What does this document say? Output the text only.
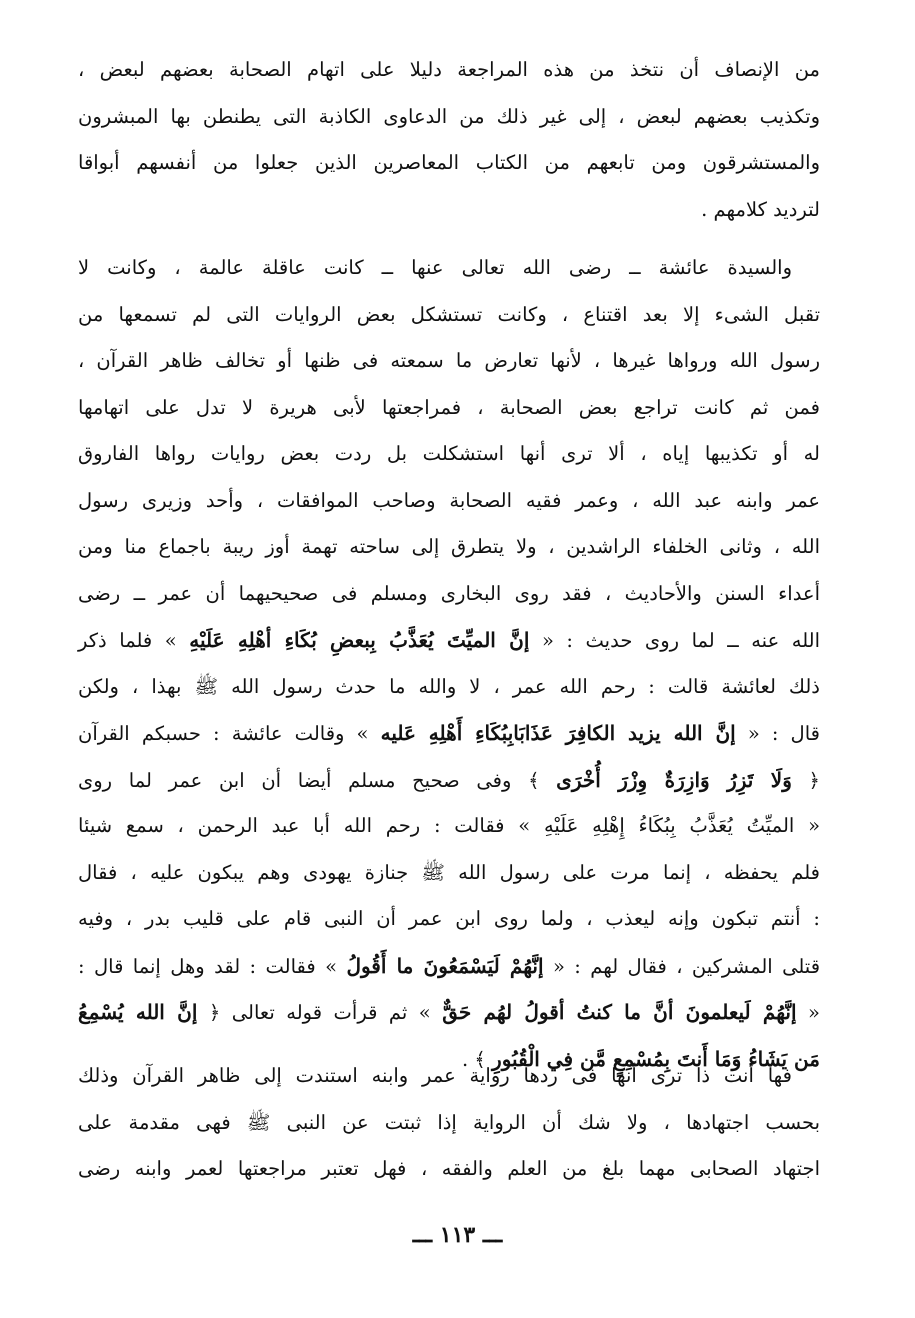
من الإنصاف أن نتخذ من هذه المراجعة دليلا على اتهام الصحابة بعضهم لبعض ،
وتكذيب بعضهم لبعض ، إلى غير ذلك من الدعاوى الكاذبة التى يطنطن بها المبشرون
والمستشرقون ومن تابعهم من الكتاب المعاصرين الذين جعلوا من أنفسهم أبواقا
لترديد كلامهم .
والسيدة عائشة ــ رضى الله تعالى عنها ــ كانت عاقلة عالمة ، وكانت لا
تقبل الشىء إلا بعد اقتناع ، وكانت تستشكل بعض الروايات التى لم تسمعها من
رسول الله ورواها غيرها ، لأنها تعارض ما سمعته فى ظنها أو تخالف ظاهر القرآن ،
فمن ثم كانت تراجع بعض الصحابة ، فمراجعتها لأبى هريرة لا تدل على اتهامها
له أو تكذيبها إياه ، ألا ترى أنها استشكلت بل ردت بعض روايات رواها الفاروق
عمر وابنه عبد الله ، وعمر فقيه الصحابة وصاحب الموافقات ، وأحد وزيرى رسول
الله ، وثانى الخلفاء الراشدين ، ولا يتطرق إلى ساحته تهمة أوز ريبة باجماع منا ومن
أعداء السنن والأحاديث ، فقد روى البخارى ومسلم فى صحيحيهما أن عمر ــ رضى
الله عنه ــ لما روى حديث : « إنَّ الميِّتَ يُعَذَّبُ بِبعضِ بُكَاءِ أهْلِهِ عَلَيْهِ » فلما ذكر
ذلك لعائشة قالت : رحم الله عمر ، لا والله ما حدث رسول الله ﷺ بهذا ، ولكن
قال : « إنَّ الله يزيد الكافِرَ عَذَابَابِبُكَاءِ أَهْلِهِ عَليه » وقالت عائشة : حسبكم القرآن
﴿ وَلَا تَزِرُ وَازِرَةٌ وِزْرَ أُخْرَى ﴾ وفى صحيح مسلم أيضا أن ابن عمر لما روى
« الميِّتُ يُعَذَّبُ بِبُكَاءُ إِهْلِهِ عَلَيْهِ » فقالت : رحم الله أبا عبد الرحمن ، سمع شيئا
فلم يحفظه ، إنما مرت على رسول الله ﷺ جنازة يهودى وهم يبكون عليه ، فقال
: أنتم تبكون وإنه ليعذب ، ولما روى ابن عمر أن النبى قام على قليب بدر ، وفيه
قتلى المشركين ، فقال لهم : « إنَّهُمْ لَيَسْمَعُونَ ما أَقُولُ » فقالت : لقد وهل إنما قال :
« إنَّهُمْ لَيعلمونَ أنَّ ما كنتُ أقولُ لهُم حَقٌّ » ثم قرأت قوله تعالى ﴿ إنَّ الله يُسْمِعُ
مَن يَشَاءُ وَمَا أَنتَ بِمُسْمِعٍ مَّن فِي الْقُبُورِ ﴾ .
فها أنت ذا ترى أنها فى ردها رواية عمر وابنه استندت إلى ظاهر القرآن وذلك
بحسب اجتهادها ، ولا شك أن الرواية إذا ثبتت عن النبى ﷺ فهى مقدمة على
اجتهاد الصحابى مهما بلغ من العلم والفقه ، فهل تعتبر مراجعتها لعمر وابنه رضى
ـــ ١١٣ ـــ
